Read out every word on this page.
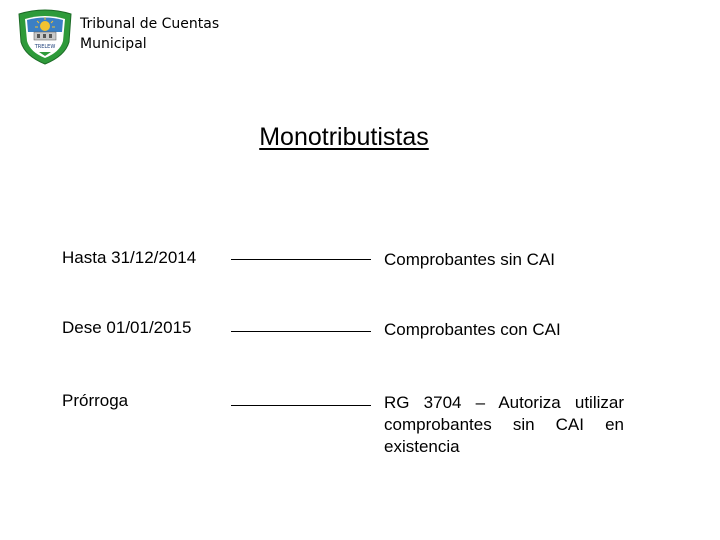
TRELEW
Tribunal de Cuentas
Municipal
Monotributistas
Hasta 31/12/2014	Comprobantes sin CAI
Dese 01/01/2015	Comprobantes con CAI
Prórroga	RG 3704 – Autoriza utilizar comprobantes sin CAI en existencia
